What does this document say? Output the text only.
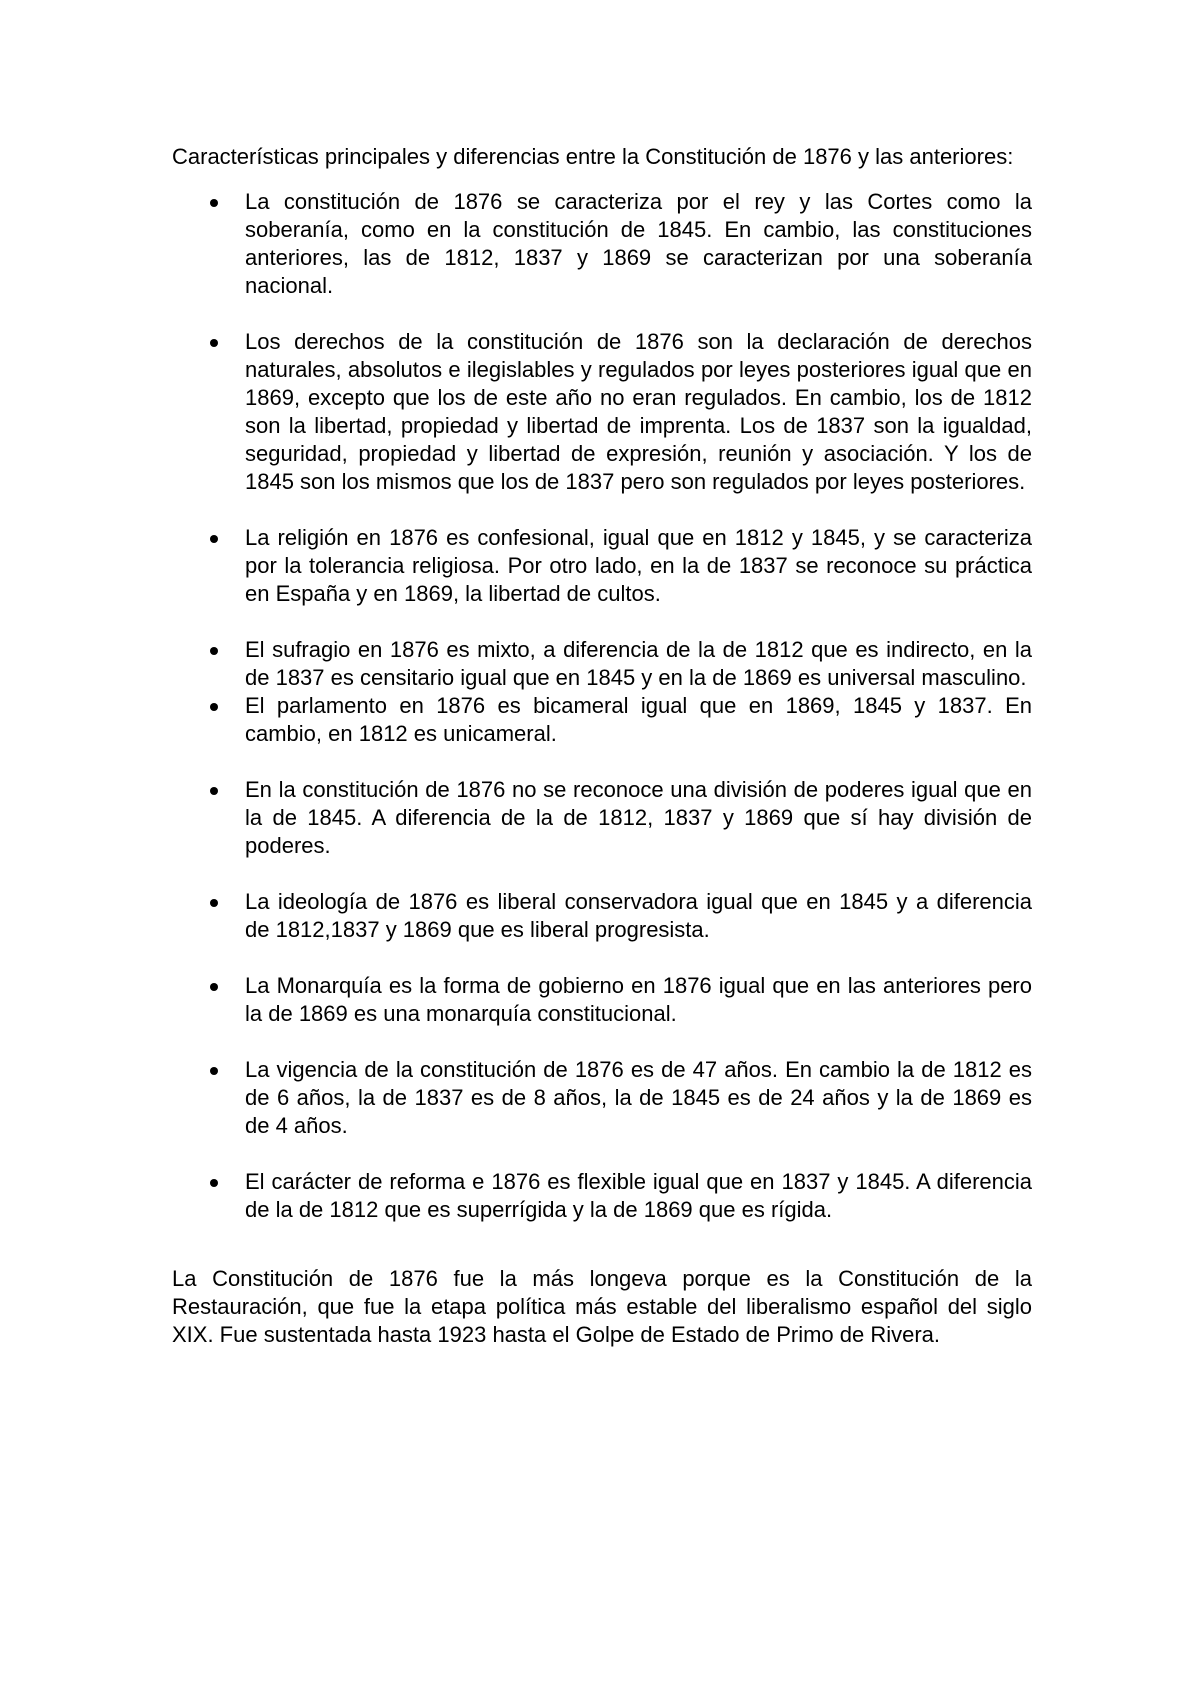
Características principales y diferencias entre la Constitución de 1876 y las anteriores:

La constitución de 1876 se caracteriza por el rey y las Cortes como la soberanía, como en la constitución de 1845. En cambio, las constituciones anteriores, las de 1812, 1837 y 1869 se caracterizan por una soberanía nacional.
Los derechos de la constitución de 1876 son la declaración de derechos naturales, absolutos e ilegislables y regulados por leyes posteriores igual que en 1869, excepto que los de este año no eran regulados. En cambio, los de 1812 son la libertad, propiedad y libertad de imprenta. Los de 1837 son la igualdad, seguridad, propiedad y libertad de expresión, reunión y asociación. Y los de 1845 son los mismos que los de 1837 pero son regulados por leyes posteriores.
La religión en 1876 es confesional, igual que en 1812 y 1845, y se caracteriza por la tolerancia religiosa. Por otro lado, en la de 1837 se reconoce su práctica en España y en 1869, la libertad de cultos.
El sufragio en 1876 es mixto, a diferencia de la de 1812 que es indirecto, en la de 1837 es censitario igual que en 1845 y en la de 1869 es universal masculino.
El parlamento en 1876 es bicameral igual que en 1869, 1845 y 1837. En cambio, en 1812 es unicameral.
En la constitución de 1876 no se reconoce una división de poderes igual que en la de 1845. A diferencia de la de 1812, 1837 y 1869 que sí hay división de poderes.
La ideología de 1876 es liberal conservadora igual que en 1845 y a diferencia de 1812,1837 y 1869 que es liberal progresista.
La Monarquía es la forma de gobierno en 1876 igual que en las anteriores pero la de 1869 es una monarquía constitucional.
La vigencia de la constitución de 1876 es de 47 años. En cambio la de 1812 es de 6 años, la de 1837 es de 8 años, la de 1845 es de 24 años y la de 1869 es de 4 años.
El carácter de reforma e 1876 es flexible igual que en 1837 y 1845. A diferencia de la de 1812 que es superrígida y la de 1869 que es rígida.

La Constitución de 1876 fue la más longeva porque es la Constitución de la Restauración, que fue la etapa política más estable del liberalismo español del siglo XIX. Fue sustentada hasta 1923 hasta el Golpe de Estado de Primo de Rivera.
